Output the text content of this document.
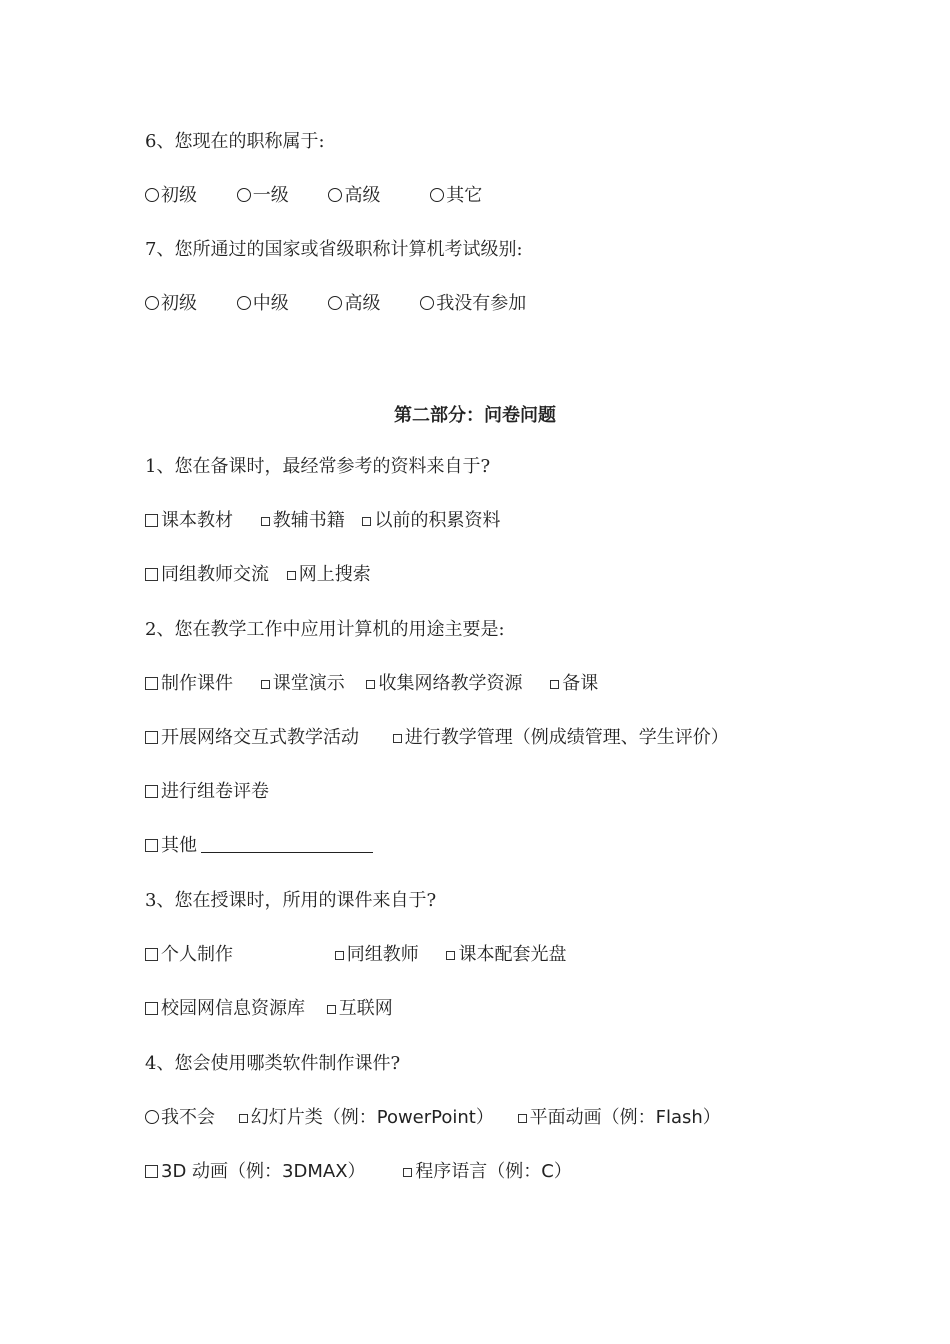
6、您现在的职称属于:
初级	一级	高级	其它
7、您所通过的国家或省级职称计算机考试级别:
初级	中级	高级	我没有参加
第二部分：问卷问题
1、您在备课时，最经常参考的资料来自于?
课本教材 教辅书籍 以前的积累资料
同组教师交流 网上搜索
2、您在教学工作中应用计算机的用途主要是:
制作课件 课堂演示 收集网络教学资源 备课
开展网络交互式教学活动	进行教学管理（例成绩管理、学生评价）
进行组卷评卷
其他
3、您在授课时，所用的课件来自于?
个人制作	同组教师 课本配套光盘
校园网信息资源库 互联网
4、您会使用哪类软件制作课件?
我不会 幻灯片类（例：PowerPoint） 平面动画（例：Flash）
3D 动画（例：3DMAX）	程序语言（例：C）
